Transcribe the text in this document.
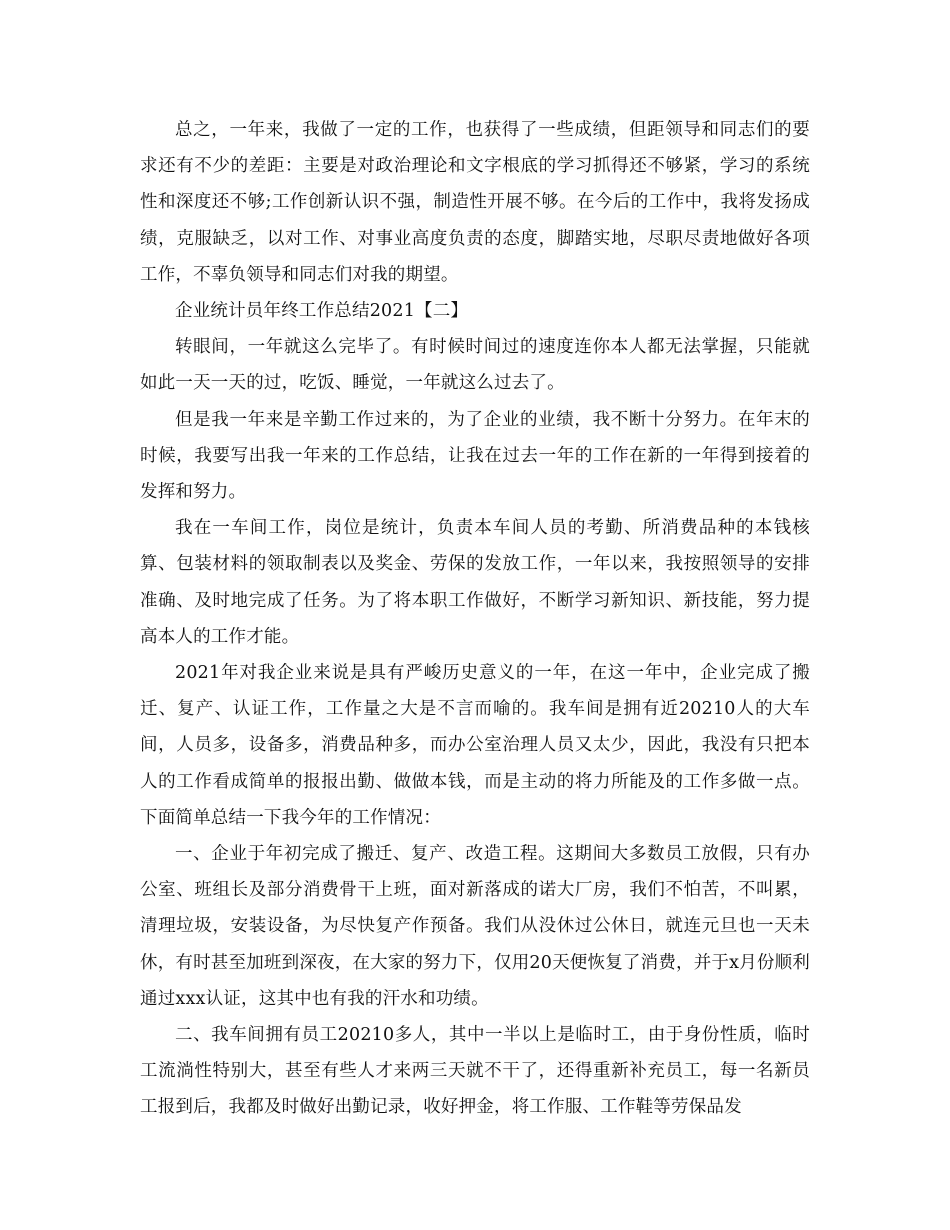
总之，一年来，我做了一定的工作，也获得了一些成绩，但距领导和同志们的要求还有不少的差距：主要是对政治理论和文字根底的学习抓得还不够紧，学习的系统性和深度还不够;工作创新认识不强，制造性开展不够。在今后的工作中，我将发扬成绩，克服缺乏，以对工作、对事业高度负责的态度，脚踏实地，尽职尽责地做好各项工作，不辜负领导和同志们对我的期望。

企业统计员年终工作总结2021【二】

转眼间，一年就这么完毕了。有时候时间过的速度连你本人都无法掌握，只能就如此一天一天的过，吃饭、睡觉，一年就这么过去了。

但是我一年来是辛勤工作过来的，为了企业的业绩，我不断十分努力。在年末的时候，我要写出我一年来的工作总结，让我在过去一年的工作在新的一年得到接着的发挥和努力。

我在一车间工作，岗位是统计，负责本车间人员的考勤、所消费品种的本钱核算、包装材料的领取制表以及奖金、劳保的发放工作，一年以来，我按照领导的安排准确、及时地完成了任务。为了将本职工作做好，不断学习新知识、新技能，努力提高本人的工作才能。

2021年对我企业来说是具有严峻历史意义的一年，在这一年中，企业完成了搬迁、复产、认证工作，工作量之大是不言而喻的。我车间是拥有近20210人的大车间，人员多，设备多，消费品种多，而办公室治理人员又太少，因此，我没有只把本人的工作看成简单的报报出勤、做做本钱，而是主动的将力所能及的工作多做一点。下面简单总结一下我今年的工作情况：

一、企业于年初完成了搬迁、复产、改造工程。这期间大多数员工放假，只有办公室、班组长及部分消费骨干上班，面对新落成的诺大厂房，我们不怕苦，不叫累，清理垃圾，安装设备，为尽快复产作预备。我们从没休过公休日，就连元旦也一天未休，有时甚至加班到深夜，在大家的努力下，仅用20天便恢复了消费，并于x月份顺利通过xxx认证，这其中也有我的汗水和功绩。

二、我车间拥有员工20210多人，其中一半以上是临时工，由于身份性质，临时工流淌性特别大，甚至有些人才来两三天就不干了，还得重新补充员工，每一名新员工报到后，我都及时做好出勤记录，收好押金，将工作服、工作鞋等劳保品发
